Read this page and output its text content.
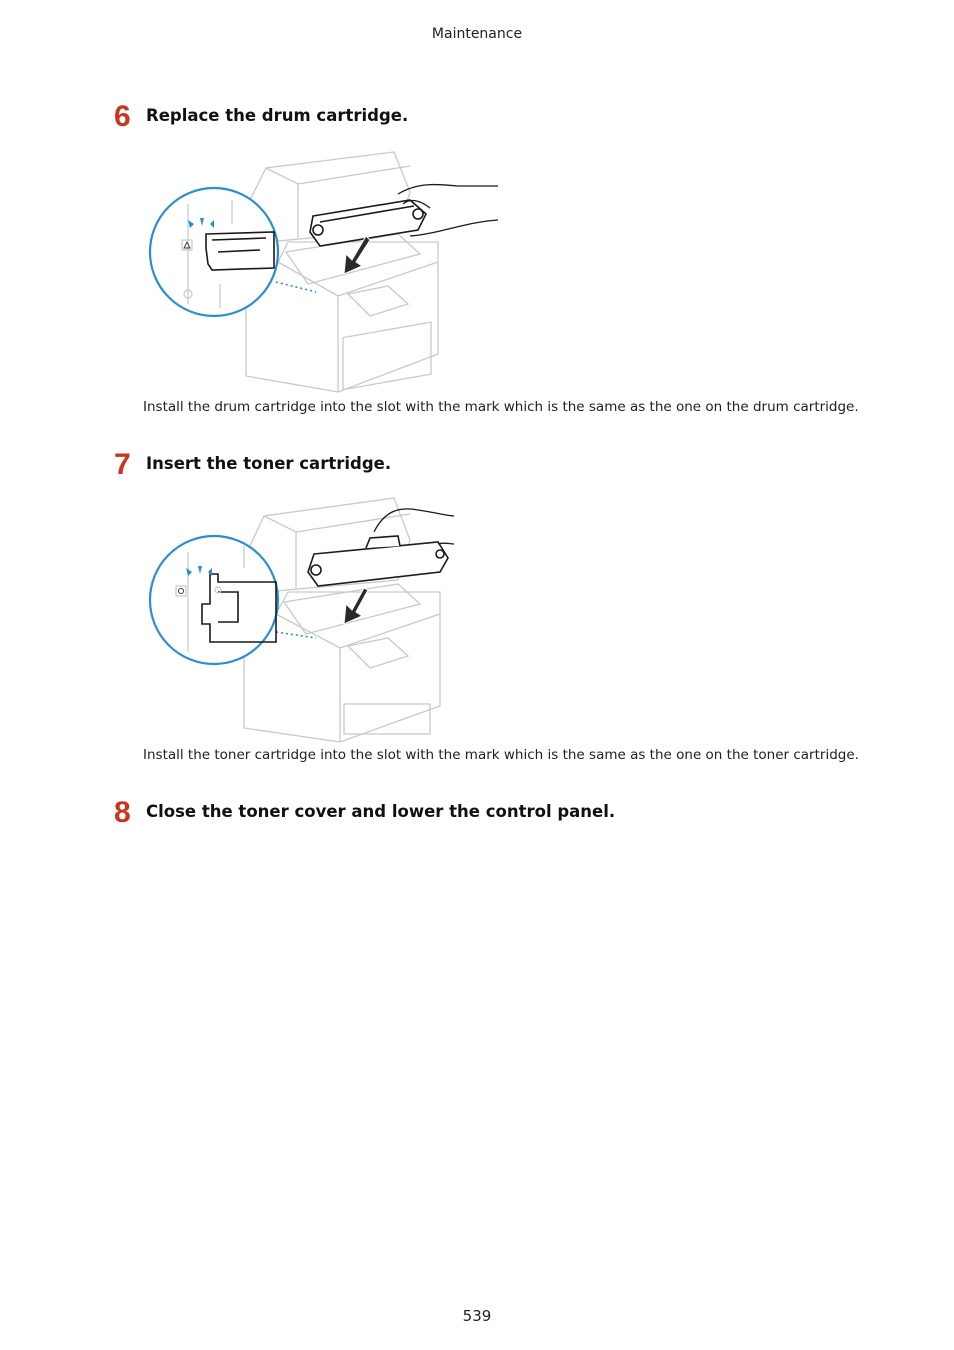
Maintenance
6 Replace the drum cartridge.
Install the drum cartridge into the slot with the mark which is the same as the one on the drum cartridge.
7 Insert the toner cartridge.
Install the toner cartridge into the slot with the mark which is the same as the one on the toner cartridge.
8 Close the toner cover and lower the control panel.
539
